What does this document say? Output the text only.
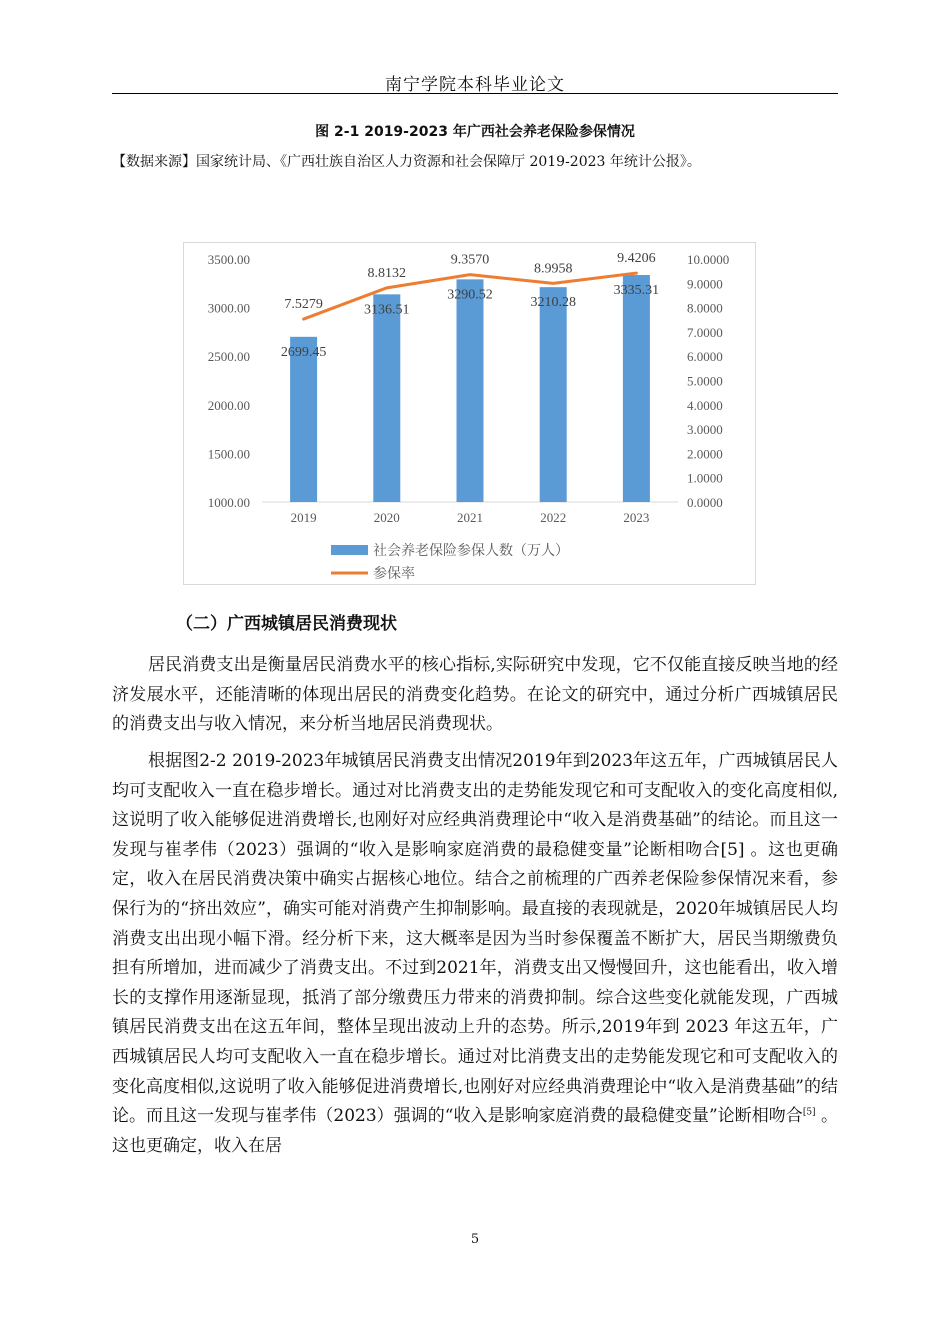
南宁学院本科毕业论文
图 2-1 2019-2023 年广西社会养老保险参保情况
【数据来源】国家统计局、《广西壮族自治区人力资源和社会保障厅 2019-2023 年统计公报》。
1000.00
1500.00
2000.00
2500.00
3000.00
3500.00
0.0000
1.0000
2.0000
3.0000
4.0000
5.0000
6.0000
7.0000
8.0000
9.0000
10.0000
2019	2020	2021	2022	2023
2699.45
3136.51
3290.52
3210.28
3335.31
7.5279
8.8132
9.3570
8.9958
9.4206
社会养老保险参保人数（万人）
参保率
（二）广西城镇居民消费现状
居民消费支出是衡量居民消费水平的核心指标,实际研究中发现，它不仅能直接反映当地的经济发展水平，还能清晰的体现出居民的消费变化趋势。在论文的研究中，通过分析广西城镇居民的消费支出与收入情况，来分析当地居民消费现状。
根据图2-2 2019-2023年城镇居民消费支出情况2019年到2023年这五年，广西城镇居民人均可支配收入一直在稳步增长。通过对比消费支出的走势能发现它和可支配收入的变化高度相似,这说明了收入能够促进消费增长,也刚好对应经典消费理论中“收入是消费基础”的结论。而且这一发现与崔孝伟（2023）强调的“收入是影响家庭消费的最稳健变量”论断相吻合[5] 。这也更确定，收入在居民消费决策中确实占据核心地位。结合之前梳理的广西养老保险参保情况来看，参保行为的“挤出效应”，确实可能对消费产生抑制影响。最直接的表现就是，2020年城镇居民人均消费支出出现小幅下滑。经分析下来，这大概率是因为当时参保覆盖不断扩大，居民当期缴费负担有所增加，进而减少了消费支出。不过到2021年，消费支出又慢慢回升，这也能看出，收入增长的支撑作用逐渐显现，抵消了部分缴费压力带来的消费抑制。综合这些变化就能发现，广西城镇居民消费支出在这五年间，整体呈现出波动上升的态势。所示,2019年到 2023 年这五年，广西城镇居民人均可支配收入一直在稳步增长。通过对比消费支出的走势能发现它和可支配收入的变化高度相似,这说明了收入能够促进消费增长,也刚好对应经典消费理论中“收入是消费基础”的结论。而且这一发现与崔孝伟（2023）强调的“收入是影响家庭消费的最稳健变量”论断相吻合[5] 。这也更确定，收入在居
5
